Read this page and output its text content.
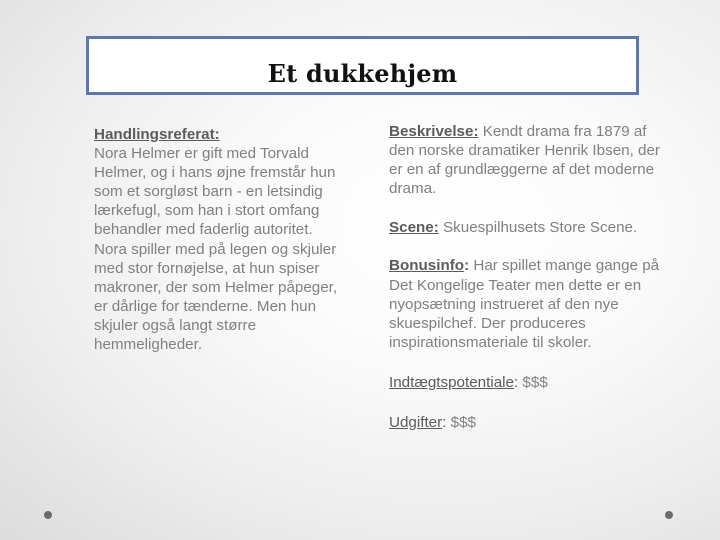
Et dukkehjem

Handlingsreferat:
Nora Helmer er gift med Torvald Helmer, og i hans øjne fremstår hun som et sorgløst barn - en letsindig lærkefugl, som han i stort omfang behandler med faderlig autoritet. Nora spiller med på legen og skjuler med stor fornøjelse, at hun spiser makroner, der som Helmer påpeger, er dårlige for tænderne. Men hun skjuler også langt større hemmeligheder.

Beskrivelse: Kendt drama fra 1879 af den norske dramatiker Henrik Ibsen, der er en af grundlæggerne af det moderne drama.

Scene: Skuespilhusets Store Scene.

Bonusinfo: Har spillet mange gange på Det Kongelige Teater men dette er en nyopsætning instrueret af den nye skuespilchef. Der produceres inspirationsmateriale til skoler.

Indtægtspotentiale: $$$

Udgifter: $$$
